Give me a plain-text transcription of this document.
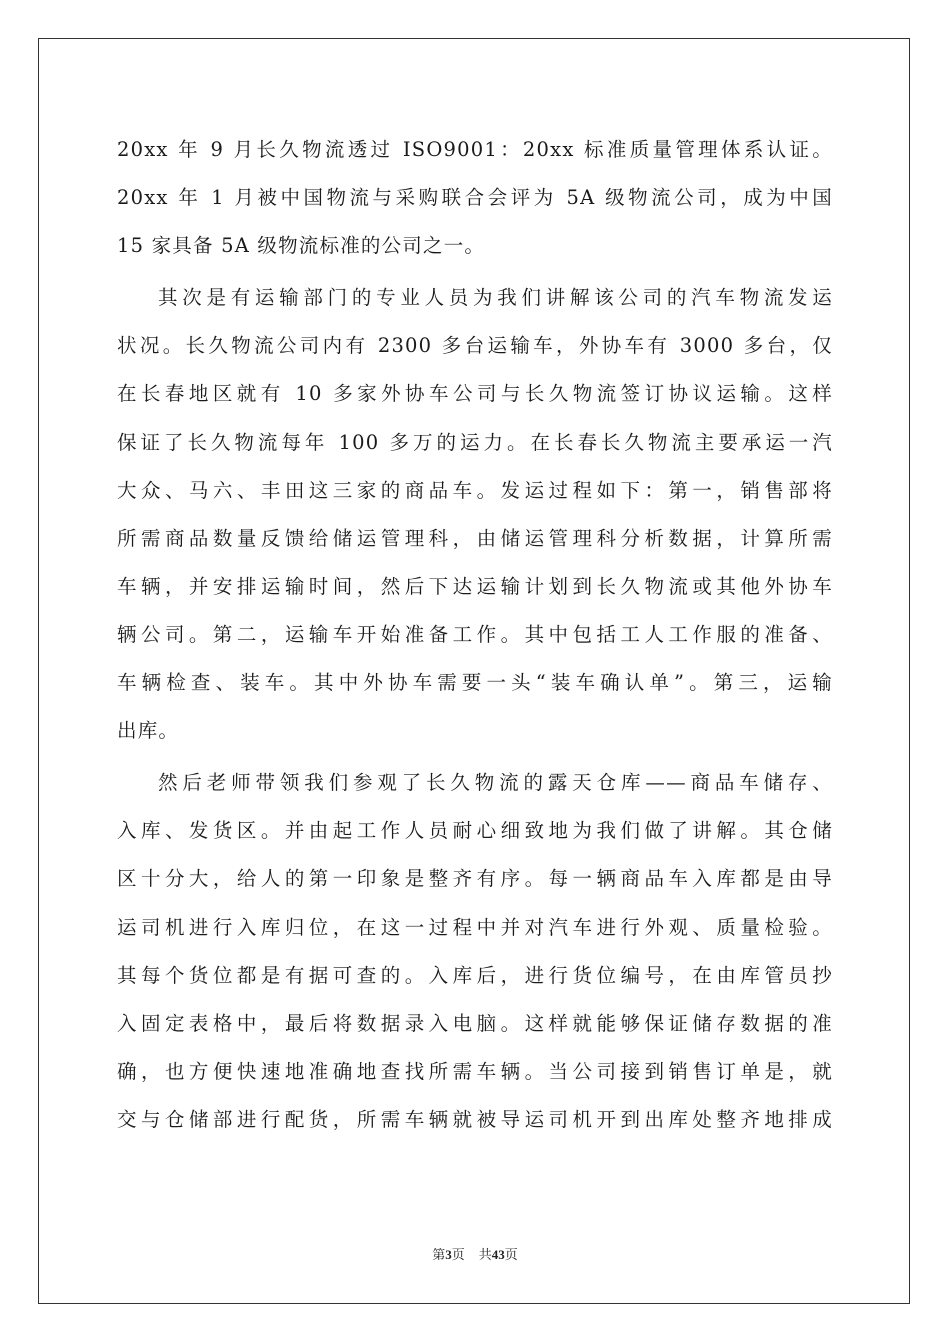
20xx 年 9 月长久物流透过 ISO9001：20xx 标准质量管理体系认证。
20xx 年 1 月被中国物流与采购联合会评为 5A 级物流公司，成为中国
15 家具备 5A 级物流标准的公司之一。
其次是有运输部门的专业人员为我们讲解该公司的汽车物流发运
状况。长久物流公司内有 2300 多台运输车，外协车有 3000 多台，仅
在长春地区就有 10 多家外协车公司与长久物流签订协议运输。这样
保证了长久物流每年 100 多万的运力。在长春长久物流主要承运一汽
大众、马六、丰田这三家的商品车。发运过程如下：第一，销售部将
所需商品数量反馈给储运管理科，由储运管理科分析数据，计算所需
车辆，并安排运输时间，然后下达运输计划到长久物流或其他外协车
辆公司。第二，运输车开始准备工作。其中包括工人工作服的准备、
车辆检查、装车。其中外协车需要一头“装车确认单”。第三，运输
出库。
然后老师带领我们参观了长久物流的露天仓库——商品车储存、
入库、发货区。并由起工作人员耐心细致地为我们做了讲解。其仓储
区十分大，给人的第一印象是整齐有序。每一辆商品车入库都是由导
运司机进行入库归位，在这一过程中并对汽车进行外观、质量检验。
其每个货位都是有据可查的。入库后，进行货位编号，在由库管员抄
入固定表格中，最后将数据录入电脑。这样就能够保证储存数据的准
确，也方便快速地准确地查找所需车辆。当公司接到销售订单是，就
交与仓储部进行配货，所需车辆就被导运司机开到出库处整齐地排成
第3页 共43页
